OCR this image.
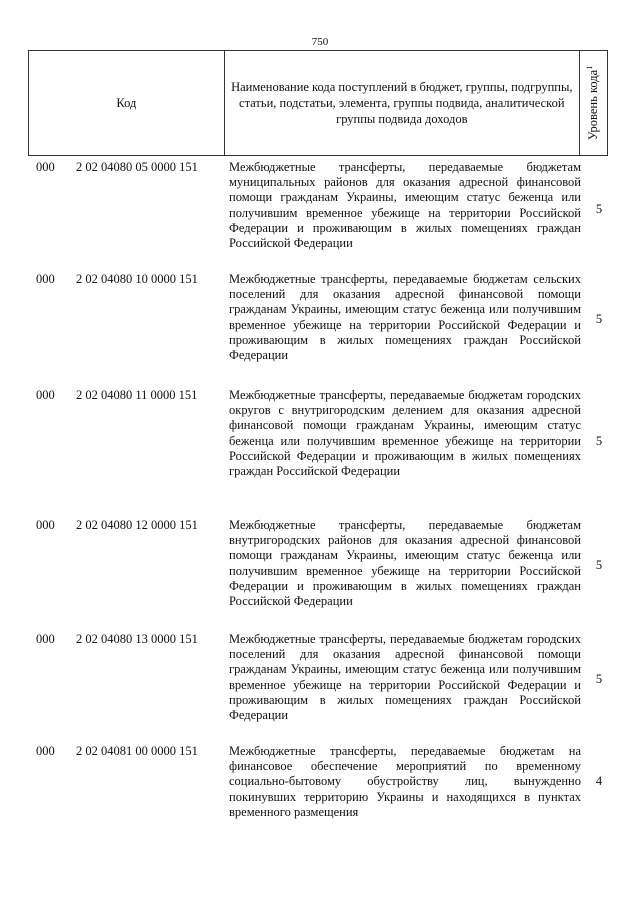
750
Код	Наименование кода поступлений в бюджет, группы, подгруппы, статьи, подстатьи, элемента, группы подвида, аналитической группы подвида доходов	Уровень кода$^1$
000 2 02 04080 05 0000 151 Межбюджетные трансферты, передаваемые бюджетам муниципальных районов для оказания адресной финансовой помощи гражданам Украины, имеющим статус беженца или получившим временное убежище на территории Российской Федерации и проживающим в жилых помещениях граждан Российской Федерации
5
000 2 02 04080 10 0000 151 Межбюджетные трансферты, передаваемые бюджетам сельских поселений для оказания адресной финансовой помощи гражданам Украины, имеющим статус беженца или получившим временное убежище на территории Российской Федерации и проживающим в жилых помещениях граждан Российской Федерации
5
000 2 02 04080 11 0000 151	Межбюджетные трансферты, передаваемые бюджетам городских округов с внутригородским делением для оказания адресной финансовой помощи гражданам Украины, имеющим статус беженца или получившим временное убежище на территории Российской Федерации и проживающим в жилых помещениях граждан Российской Федерации
5
000 2 02 04080 12 0000 151 Межбюджетные трансферты, передаваемые бюджетам внутригородских районов для оказания адресной финансовой помощи гражданам Украины, имеющим статус беженца или получившим временное убежище на территории Российской Федерации и проживающим в жилых помещениях граждан Российской Федерации
5
000 2 02 04080 13 0000 151 Межбюджетные трансферты, передаваемые бюджетам городских поселений для оказания адресной финансовой помощи гражданам Украины, имеющим статус беженца или получившим временное убежище на территории Российской Федерации и проживающим в жилых помещениях граждан Российской Федерации
5
000 2 02 04081 00 0000 151 Межбюджетные трансферты, передаваемые бюджетам на финансовое обеспечение мероприятий по временному социально-бытовому обустройству лиц, вынужденно покинувших территорию Украины и находящихся в пунктах временного размещения
4
